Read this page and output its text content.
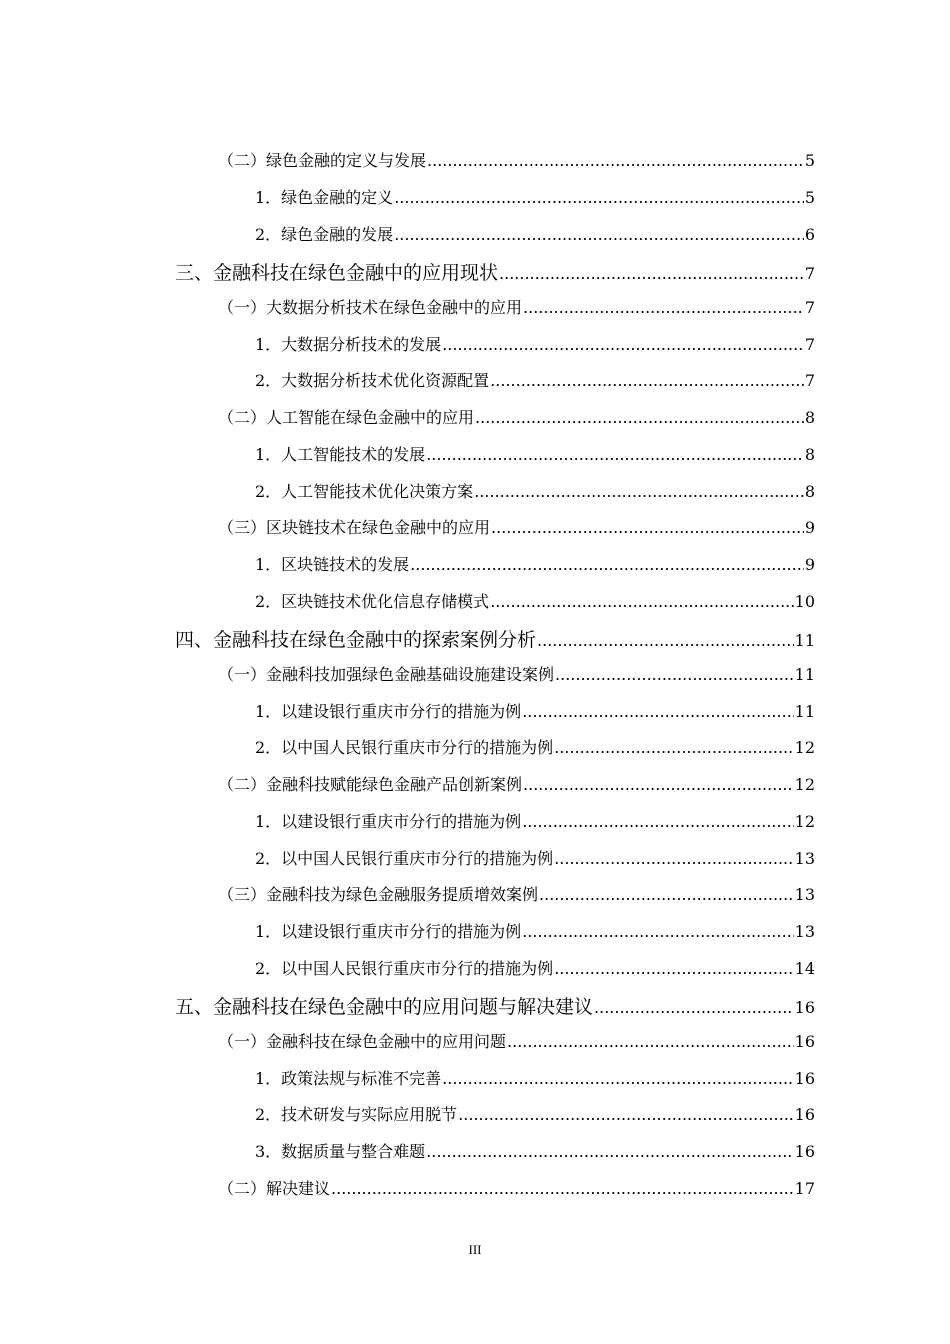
（二）绿色金融的定义与发展 .....	5
1．绿色金融的定义 .....	5
2．绿色金融的发展 .....	6
三、金融科技在绿色金融中的应用现状 .....	7
（一）大数据分析技术在绿色金融中的应用 .....	7
1．大数据分析技术的发展 .....	7
2．大数据分析技术优化资源配置 .....	7
（二）人工智能在绿色金融中的应用 .....	8
1．人工智能技术的发展 .....	8
2．人工智能技术优化决策方案 .....	8
（三）区块链技术在绿色金融中的应用 .....	9
1．区块链技术的发展 .....	9
2．区块链技术优化信息存储模式 .....	10
四、金融科技在绿色金融中的探索案例分析 .....	11
（一）金融科技加强绿色金融基础设施建设案例 .....	11
1．以建设银行重庆市分行的措施为例 .....	11
2．以中国人民银行重庆市分行的措施为例 .....	12
（二）金融科技赋能绿色金融产品创新案例 .....	12
1．以建设银行重庆市分行的措施为例 .....	12
2．以中国人民银行重庆市分行的措施为例 .....	13
（三）金融科技为绿色金融服务提质增效案例 .....	13
1．以建设银行重庆市分行的措施为例 .....	13
2．以中国人民银行重庆市分行的措施为例 .....	14
五、金融科技在绿色金融中的应用问题与解决建议 .....	16
（一）金融科技在绿色金融中的应用问题 .....	16
1．政策法规与标准不完善 .....	16
2．技术研发与实际应用脱节 .....	16
3．数据质量与整合难题 .....	16
（二）解决建议 .....	17
III
